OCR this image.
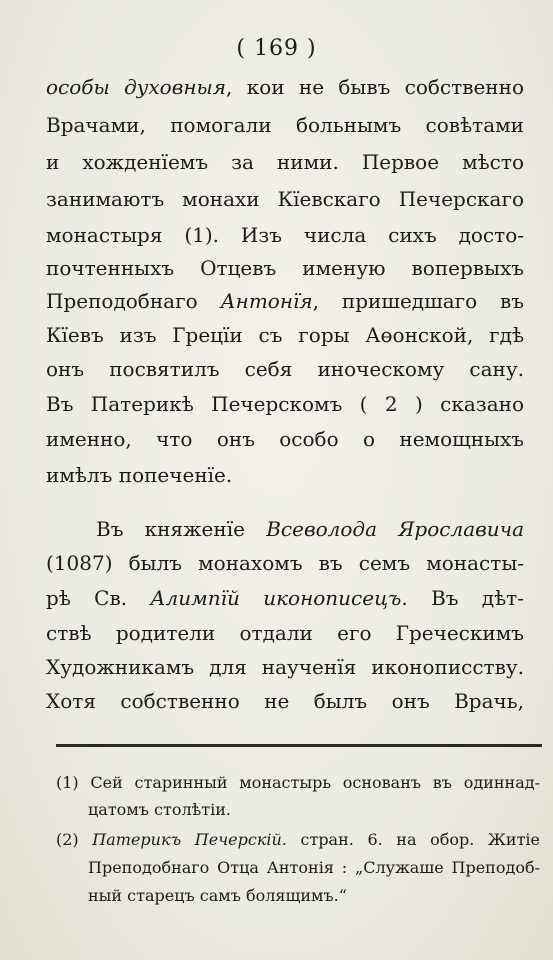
( 169 )
особы духовныя, кои не бывъ собственно
Врачами, помогали больнымъ совѣтами
и хожденїемъ за ними. Первое мѣсто
занимаютъ монахи Кїевскаго Печерскаго
монастыря (1). Изъ числа сихъ достo-
почтенныхъ Отцевъ именую вопервыхъ
Преподобнаго Антонїя, пришедшаго въ
Кїевъ изъ Грецїи съ горы Аөонской, гдѣ
онъ посвятилъ себя иноческому сану.
Въ Патерикѣ Печерскомъ ( 2 ) сказано
именно, что онъ особо о немощныхъ
имѣлъ попеченїе.
Въ княженїе Всеволода Ярославича
(1087) былъ монахомъ въ семъ монасты-
рѣ Св. Алимпїй иконописецъ. Въ дѣт-
ствѣ родители отдали его Греческимъ
Художникамъ для наученїя иконописству.
Хотя собственно не былъ онъ Врачь,
(1) Сей старинный монастырь основанъ въ одиннад-
цатомъ столѣтiи.
(2) Патерикъ Печерскiй. стран. 6. на обор. Житiе
Преподобнаго Отца Антонiя : „Служаше Преподоб-
ный старецъ самъ болящимъ.“
